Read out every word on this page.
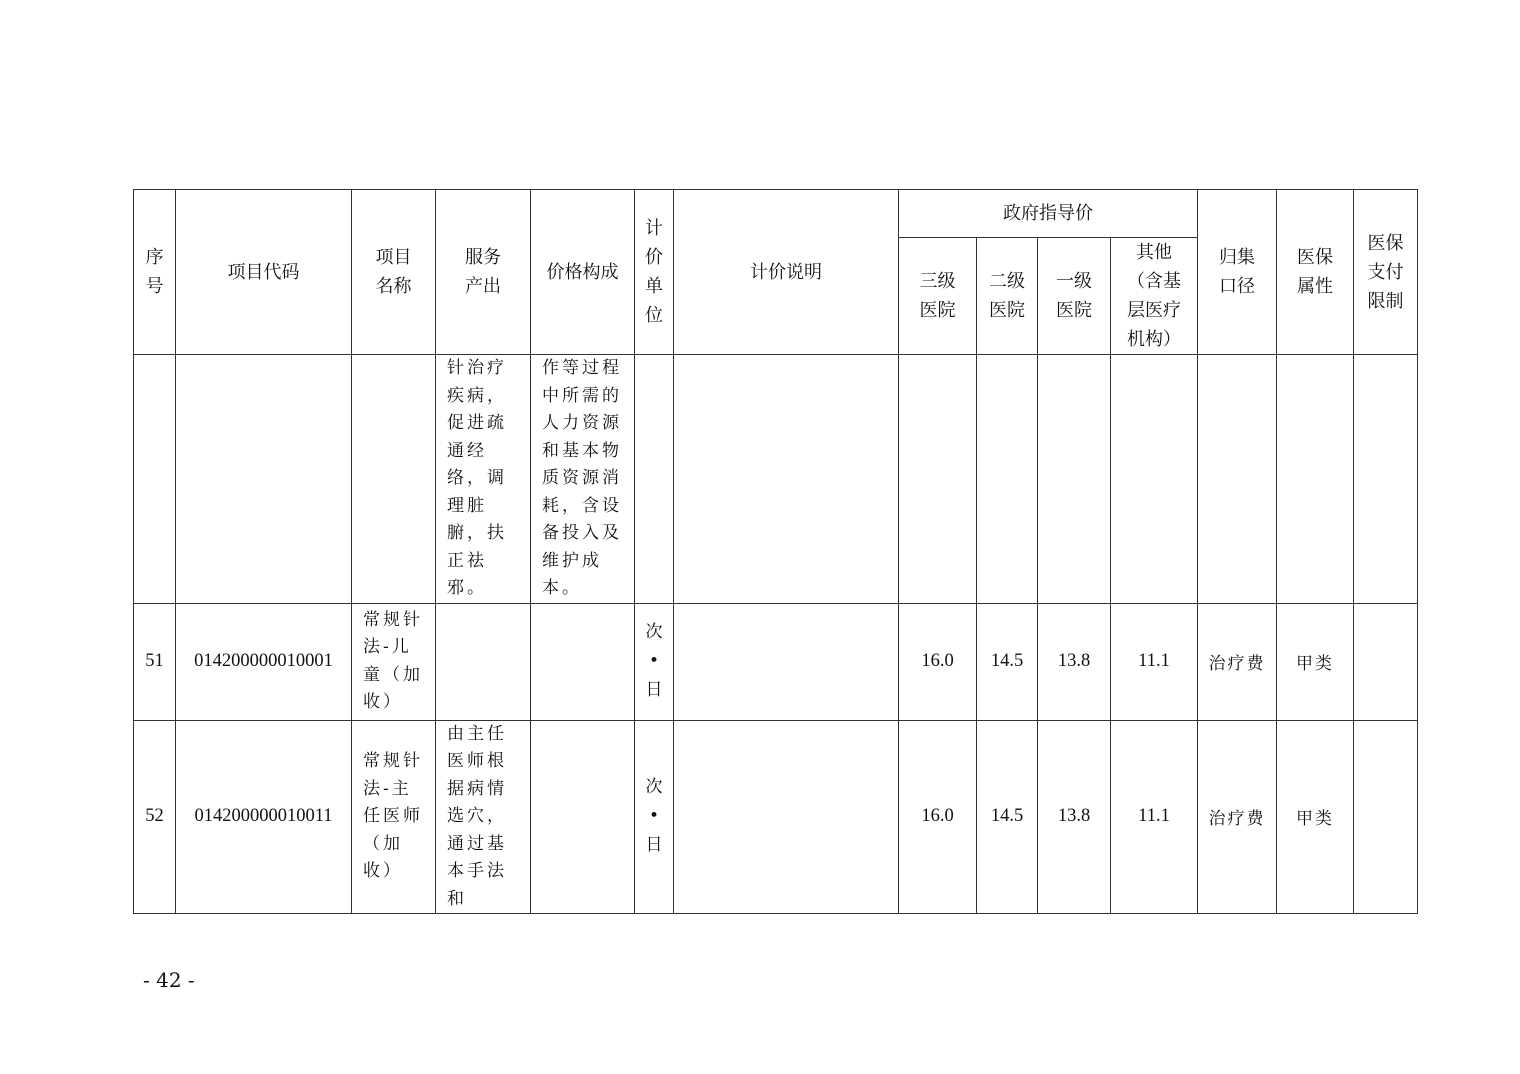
序号	项目代码	项目名称	服务产出	价格构成	计价单位	计价说明	政府指导价				归集口径	医保属性	医保支付限制

							三级医院	二级医院	一级医院	其他（含基层医疗机构）			

			针治疗疾病，促进疏通经络，调理脏腑，扶正祛邪。	作等过程中所需的人力资源和基本物质资源消耗，含设备投入及维护成本。									

51	014200000010001	常规针法-儿童（加收）			次•日		16.0	14.5	13.8	11.1	治疗费	甲类	
52	014200000010011	常规针法-主任医师（加收）	由主任医师根据病情选穴，通过基本手法和		次•日		16.0	14.5	13.8	11.1	治疗费	甲类	
- 42 -
